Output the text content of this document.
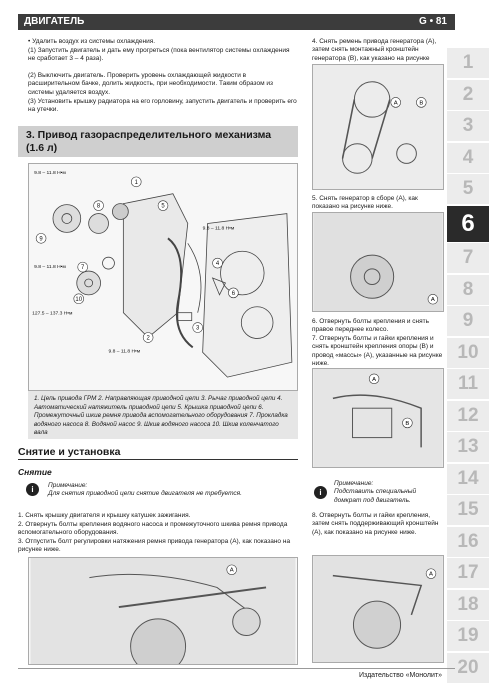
ДВИГАТЕЛЬ	G • 81
1
2
3
4
5
6
7
8
9
10
11
12
13
14
15
16
17
18
19
20
• Удалить воздух из системы охлаждения.
(1) Запустить двигатель и дать ему прогреться (пока вентилятор системы охлаждения не сработает 3 – 4 раза).
(2) Выключить двигатель. Проверить уровень охлаждающей жидкости в расширительном бачке, долить жидкость, при необходимости. Таким образом из системы удаляется воздух.
(3) Установить крышку радиатора на его горловину, запустить двигатель и проверить его на утечки.
3. Привод газораспределительного механизма (1.6 л)
9.8 – 11.8 Н•м
9.8 – 11.8 Н•м
9.8 – 11.8 Н•м
127.5 – 137.3 Н•м
9.8 – 11.8 Н•м
1
2
3
4
5
6
7
8
9
10
1. Цепь привода ГРМ 2. Направляющая приводной цепи 3. Рычаг приводной цепи 4. Автоматический натяжитель приводной цепи 5. Крышка приводной цепи 6. Промежуточный шкив ремня привода вспомогательного оборудования 7. Прокладка водяного насоса 8. Водяной насос 9. Шкив водяного насоса 10. Шкив коленчатого вала
Снятие и установка
Снятие
i	Примечание:
Для снятия приводной цепи снятие двигателя не требуется.
1. Снять крышку двигателя и крышку катушек зажигания.
2. Отвернуть болты крепления водяного насоса и промежуточного шкива ремня привода вспомогательного оборудования.
3. Отпустить болт регулировки натяжения ремня привода генератора (А), как показано на рисунке ниже.
A
4. Снять ремень привода генератора (А), затем снять монтажный кронштейн генератора (В), как указано на рисунке
A	B
5. Снять генератор в сборе (А), как показано на рисунке ниже.
A
6. Отвернуть болты крепления и снять правое переднее колесо.
7. Отвернуть болты и гайки крепления и снять кронштейн крепления опоры (В) и провод «массы» (А), указанные на рисунке ниже.
A
B
i
Примечание:
Подставить специальный домкрат под двигатель.
8. Отвернуть болты и гайки крепления, затем снять поддерживающий кронштейн (А), как показано на рисунке ниже.
A
Издательство «Монолит»
